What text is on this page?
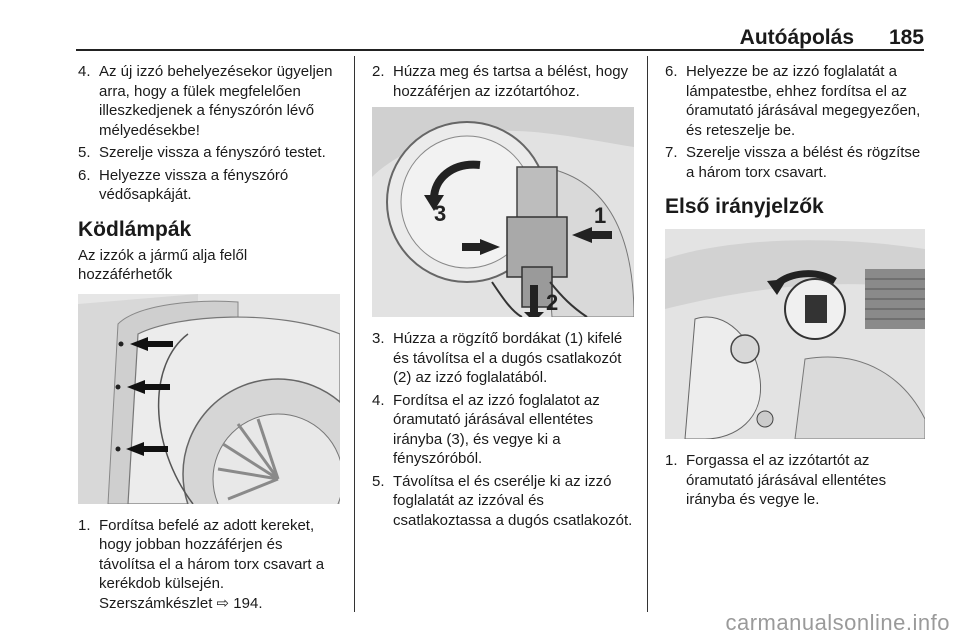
Autóápolás 185
4. Az új izzó behelyezésekor ügyeljen arra, hogy a fülek megfelelően illeszkedjenek a fényszórón lévő mélyedésekbe!
5. Szerelje vissza a fényszóró testet.
6. Helyezze vissza a fényszóró védősapkáját.
Ködlámpák
Az izzók a jármű alja felől hozzáférhetők
1. Fordítsa befelé az adott kereket, hogy jobban hozzáférjen és távolítsa el a három torx csavart a kerékdob külsején.
Szerszámkészlet ⇨ 194.
2. Húzza meg és tartsa a bélést, hogy hozzáférjen az izzótartóhoz.
3	1
2
3. Húzza a rögzítő bordákat (1) kifelé és távolítsa el a dugós csatlakozót (2) az izzó foglalatából.
4. Fordítsa el az izzó foglalatot az óramutató járásával ellentétes irányba (3), és vegye ki a fényszóróból.
5. Távolítsa el és cserélje ki az izzó foglalatát az izzóval és csatlakoztassa a dugós csatlakozót.
6. Helyezze be az izzó foglalatát a lámpatestbe, ehhez fordítsa el az óramutató járásával megegyezően, és reteszelje be.
7. Szerelje vissza a bélést és rögzítse a három torx csavart.
Első irányjelzők
1. Forgassa el az izzótartót az óramutató járásával ellentétes irányba és vegye le.
carmanualsonline.info
